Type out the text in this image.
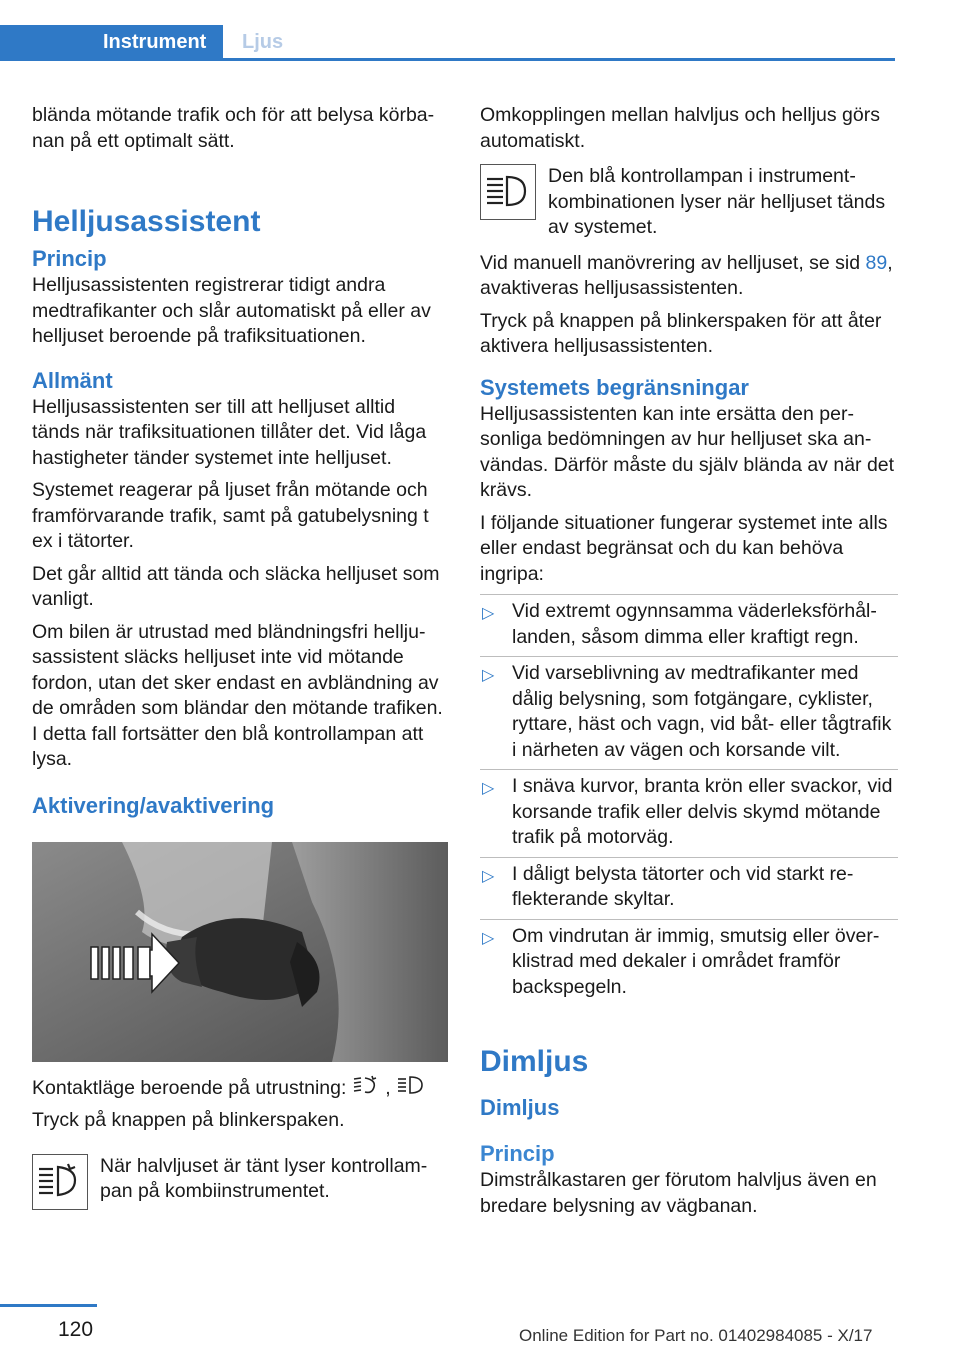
Instrument Ljus

blända mötande trafik och för att belysa körbanan på ett optimalt sätt.

Helljusassistent
Princip

Helljusassistenten registrerar tidigt andra medtrafikanter och slår automatiskt på eller av helljuset beroende på trafiksituationen.

Allmänt

Helljusassistenten ser till att helljuset alltid tänds när trafiksituationen tillåter det. Vid låga hastigheter tänder systemet inte helljuset.

Systemet reagerar på ljuset från mötande och framförvarande trafik, samt på gatubelysning t ex i tätorter.

Det går alltid att tända och släcka helljuset som vanligt.

Om bilen är utrustad med bländningsfri helljusassistent släcks helljuset inte vid mötande fordon, utan det sker endast en avbländning av de områden som bländar den mötande trafiken. I detta fall fortsätter den blå kontrollampan att lysa.

Aktivering/avaktivering

Kontaktläge beroende på utrustning: ,

Tryck på knappen på blinkerspaken.

När halvljuset är tänt lyser kontrollampan på kombiinstrumentet.

Omkopplingen mellan halvljus och helljus görs automatiskt.

Den blå kontrollampan i instrumentkombinationen lyser när helljuset tänds av systemet.

Vid manuell manövrering av helljuset, se sid 89, avaktiveras helljusassistenten.

Tryck på knappen på blinkerspaken för att åter aktivera helljusassistenten.

Systemets begränsningar

Helljusassistenten kan inte ersätta den personliga bedömningen av hur helljuset ska användas. Därför måste du själv blända av när det krävs.

I följande situationer fungerar systemet inte alls eller endast begränsat och du kan behöva ingripa:

▷ Vid extremt ogynnsamma väderleksförhållanden, såsom dimma eller kraftigt regn.
▷ Vid varseblivning av medtrafikanter med dålig belysning, som fotgängare, cyklister, ryttare, häst och vagn, vid båt- eller tågtrafik i närheten av vägen och korsande vilt.
▷ I snäva kurvor, branta krön eller svackor, vid korsande trafik eller delvis skymd mötande trafik på motorväg.
▷ I dåligt belysta tätorter och vid starkt reflekterande skyltar.
▷ Om vindrutan är immig, smutsig eller överklistrad med dekaler i området framför backspegeln.
Dimljus
Dimljus
Princip

Dimstrålkastaren ger förutom halvljus även en bredare belysning av vägbanan.

120	Online Edition for Part no. 01402984085 - X/17
